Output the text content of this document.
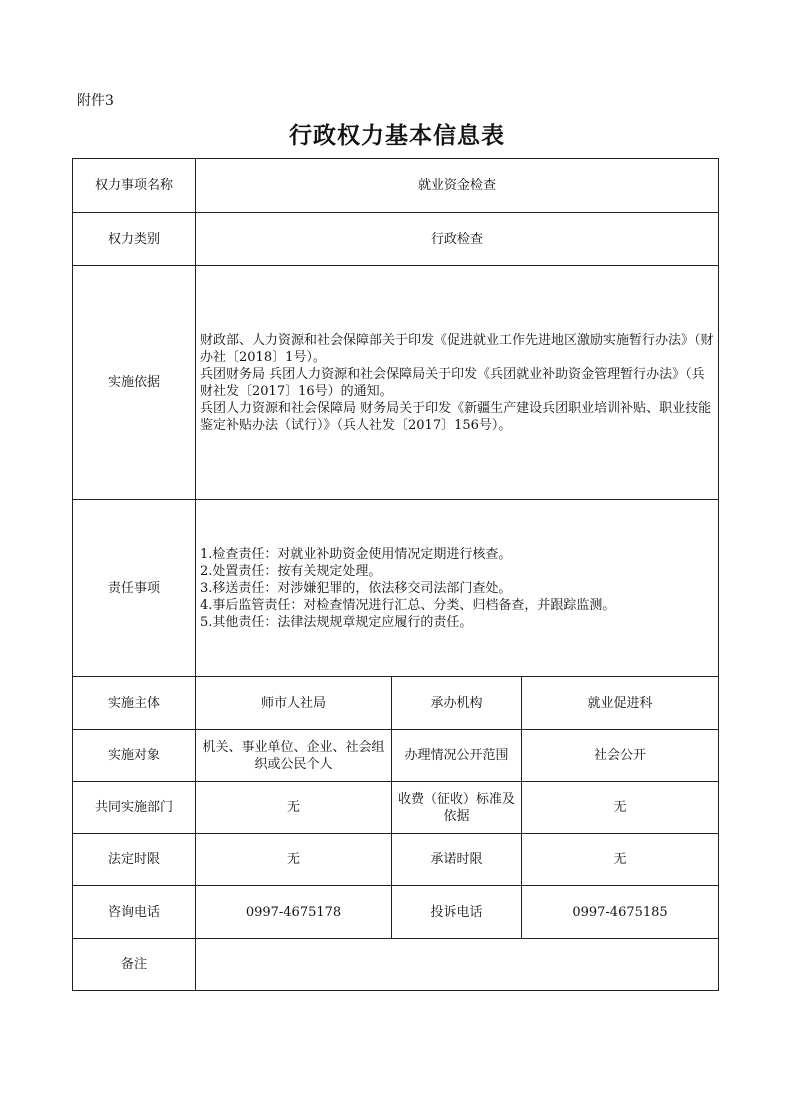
附件3
行政权力基本信息表
权力事项名称	就业资金检查		
权力类别	行政检查		
实施依据	财政部、人力资源和社会保障部关于印发《促进就业工作先进地区激励实施暂行办法》（财办社〔2018〕1号）。
兵团财务局 兵团人力资源和社会保障局关于印发《兵团就业补助资金管理暂行办法》（兵财社发〔2017〕16号）的通知。
兵团人力资源和社会保障局 财务局关于印发《新疆生产建设兵团职业培训补贴、职业技能鉴定补贴办法（试行）》（兵人社发〔2017〕156号）。		

责任事项	1.检查责任：对就业补助资金使用情况定期进行核查。
2.处置责任：按有关规定处理。
3.移送责任：对涉嫌犯罪的，依法移交司法部门查处。
4.事后监管责任：对检查情况进行汇总、分类、归档备查，并跟踪监测。
5.其他责任：法律法规规章规定应履行的责任。		

实施主体	师市人社局	承办机构	就业促进科
实施对象	机关、事业单位、企业、社会组织或公民个人	办理情况公开范围	社会公开
共同实施部门	无	收费（征收）标准及依据	无
法定时限	无	承诺时限	无
咨询电话	0997-4675178	投诉电话	0997-4675185
备注			
